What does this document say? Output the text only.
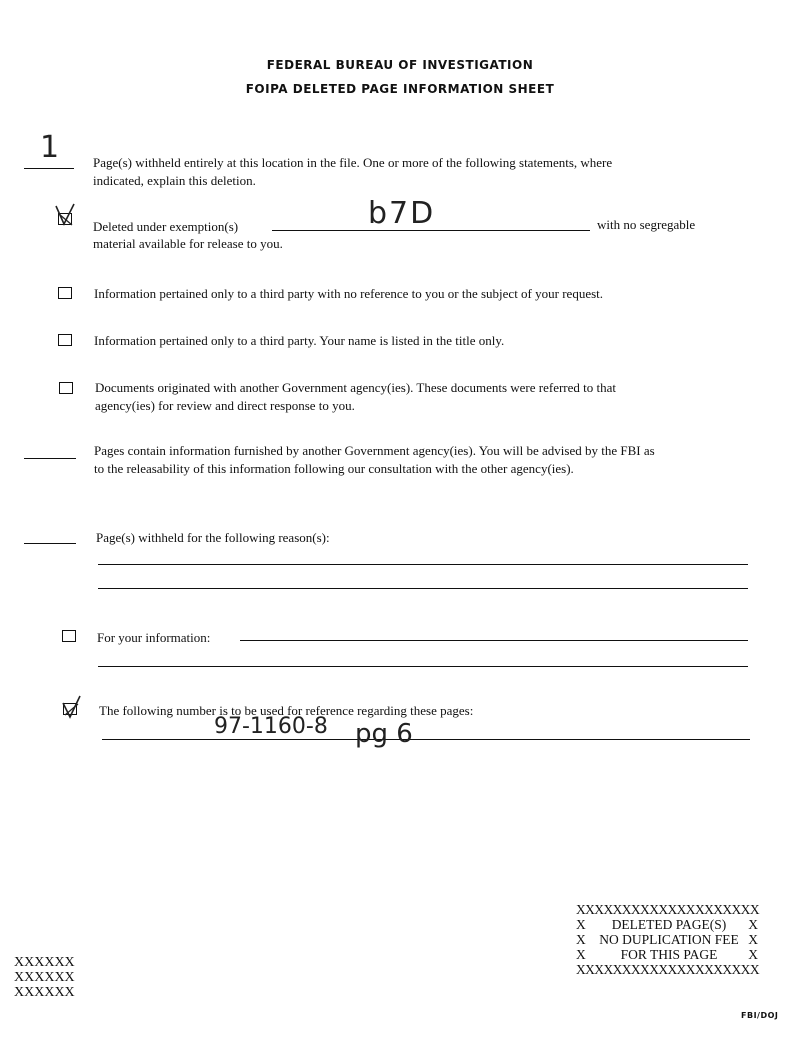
FEDERAL BUREAU OF INVESTIGATION
FOIPA DELETED PAGE INFORMATION SHEET
1	Page(s) withheld entirely at this location in the file. One or more of the following statements, where
indicated, explain this deletion.
Deleted under exemption(s)	b7D	with no segregable
material available for release to you.
Information pertained only to a third party with no reference to you or the subject of your request.
Information pertained only to a third party. Your name is listed in the title only.
Documents originated with another Government agency(ies). These documents were referred to that
agency(ies) for review and direct response to you.
Pages contain information furnished by another Government agency(ies). You will be advised by the FBI as
to the releasability of this information following our consultation with the other agency(ies).
Page(s) withheld for the following reason(s):
For your information:
The following number is to be used for reference regarding these pages:
97-1160-8 pg 6
XXXXXXXXXXXXXXXXXXXX
X	DELETED PAGE(S)	X
X	NO DUPLICATION FEE X
X	FOR THIS PAGE	X
XXXXXXXXXXXXXXXXXXXX
XXXXXX
XXXXXX
XXXXXX
FBI/DOJ
